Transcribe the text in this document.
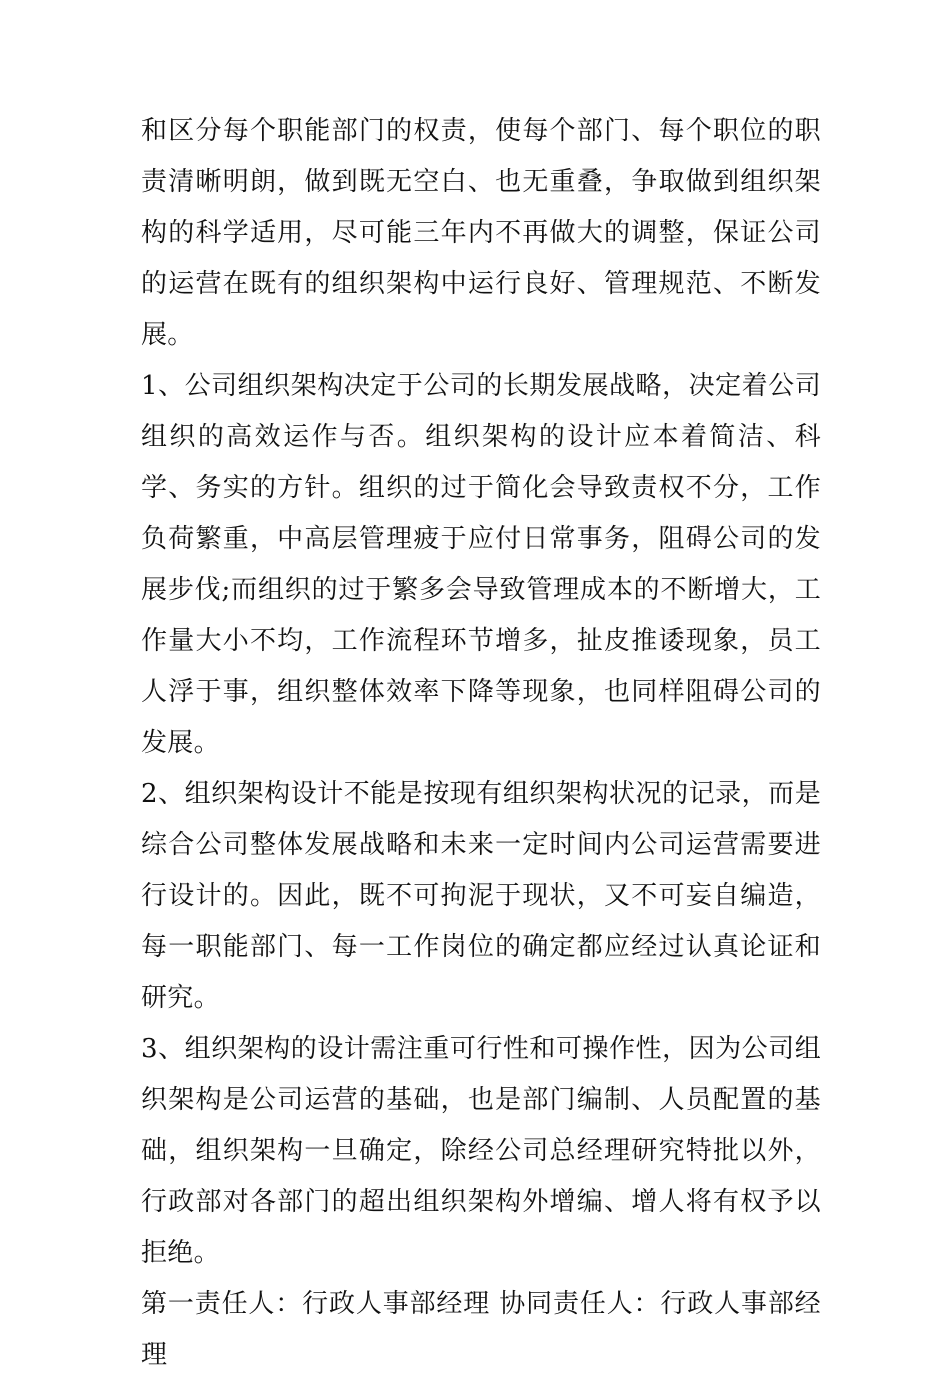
和区分每个职能部门的权责，使每个部门、每个职位的职责清晰明朗，做到既无空白、也无重叠，争取做到组织架构的科学适用，尽可能三年内不再做大的调整，保证公司的运营在既有的组织架构中运行良好、管理规范、不断发展。

1、公司组织架构决定于公司的长期发展战略，决定着公司组织的高效运作与否。组织架构的设计应本着简洁、科学、务实的方针。组织的过于简化会导致责权不分，工作负荷繁重，中高层管理疲于应付日常事务，阻碍公司的发展步伐;而组织的过于繁多会导致管理成本的不断增大，工作量大小不均，工作流程环节增多，扯皮推诿现象，员工人浮于事，组织整体效率下降等现象，也同样阻碍公司的发展。

2、组织架构设计不能是按现有组织架构状况的记录，而是综合公司整体发展战略和未来一定时间内公司运营需要进行设计的。因此，既不可拘泥于现状，又不可妄自编造，每一职能部门、每一工作岗位的确定都应经过认真论证和研究。

3、组织架构的设计需注重可行性和可操作性，因为公司组织架构是公司运营的基础，也是部门编制、人员配置的基础，组织架构一旦确定，除经公司总经理研究特批以外，行政部对各部门的超出组织架构外增编、增人将有权予以拒绝。

第一责任人：行政人事部经理 协同责任人：行政人事部经理
